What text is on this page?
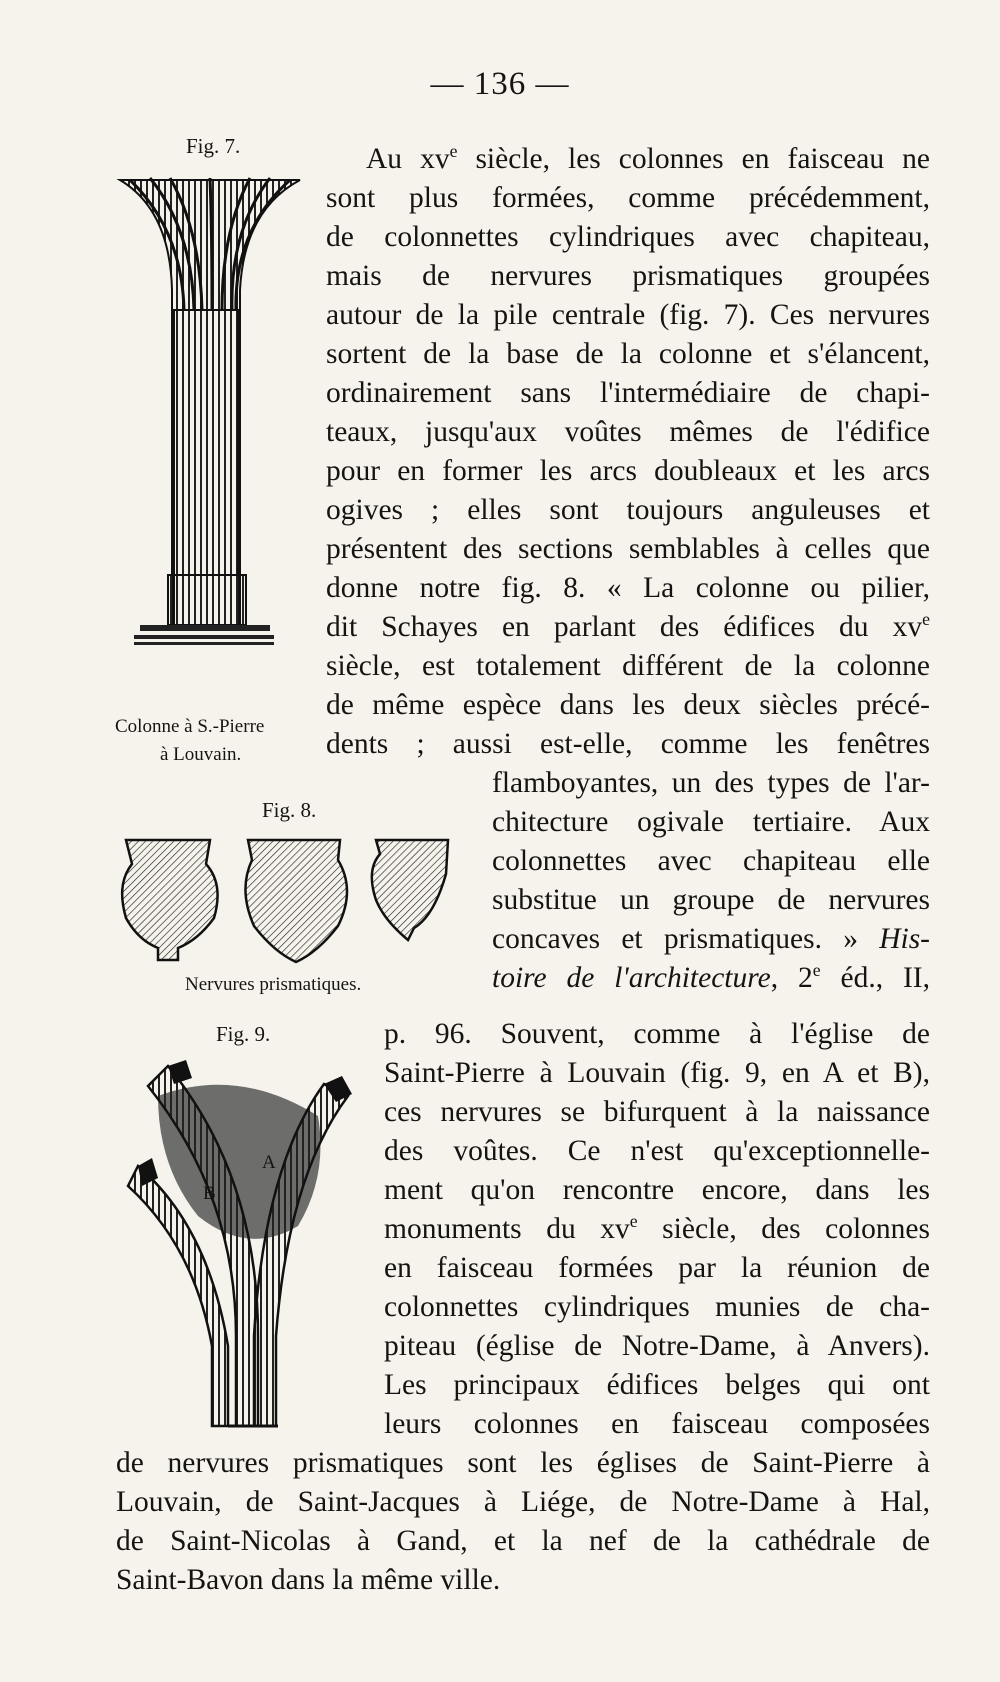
— 136 —
Fig. 7.
Colonne à S.-Pierre
à Louvain.
Fig. 8.
Nervures prismatiques.
Fig. 9.
A
B
Au $xv^e$ siècle, les colonnes en faisceau ne
sont plus formées, comme précédemment,
de colonnettes cylindriques avec chapiteau,
mais de nervures prismatiques groupées
autour de la pile centrale (fig. 7). Ces nervures
sortent de la base de la colonne et s'élancent,
ordinairement sans l'intermédiaire de chapi-
teaux, jusqu'aux voûtes mêmes de l'édifice
pour en former les arcs doubleaux et les arcs
ogives ; elles sont toujours anguleuses et
présentent des sections semblables à celles que
donne notre fig. 8. « La colonne ou pilier,
dit Schayes en parlant des édifices du $xv^e$
siècle, est totalement différent de la colonne
de même espèce dans les deux siècles précé-
dents ; aussi est-elle, comme les fenêtres
flamboyantes, un des types de l'ar-
chitecture ogivale tertiaire. Aux
colonnettes avec chapiteau elle
substitue un groupe de nervures
concaves et prismatiques. » His-
toire de l'architecture, 2e éd., II,
p. 96. Souvent, comme à l'église de
Saint-Pierre à Louvain (fig. 9, en A et B),
ces nervures se bifurquent à la naissance
des voûtes. Ce n'est qu'exceptionnelle-
ment qu'on rencontre encore, dans les
monuments du $xv^e$ siècle, des colonnes
en faisceau formées par la réunion de
colonnettes cylindriques munies de cha-
piteau (église de Notre-Dame, à Anvers).
Les principaux édifices belges qui ont
leurs colonnes en faisceau composées
de nervures prismatiques sont les églises de Saint-Pierre à
Louvain, de Saint-Jacques à Liége, de Notre-Dame à Hal,
de Saint-Nicolas à Gand, et la nef de la cathédrale de
Saint-Bavon dans la même ville.
